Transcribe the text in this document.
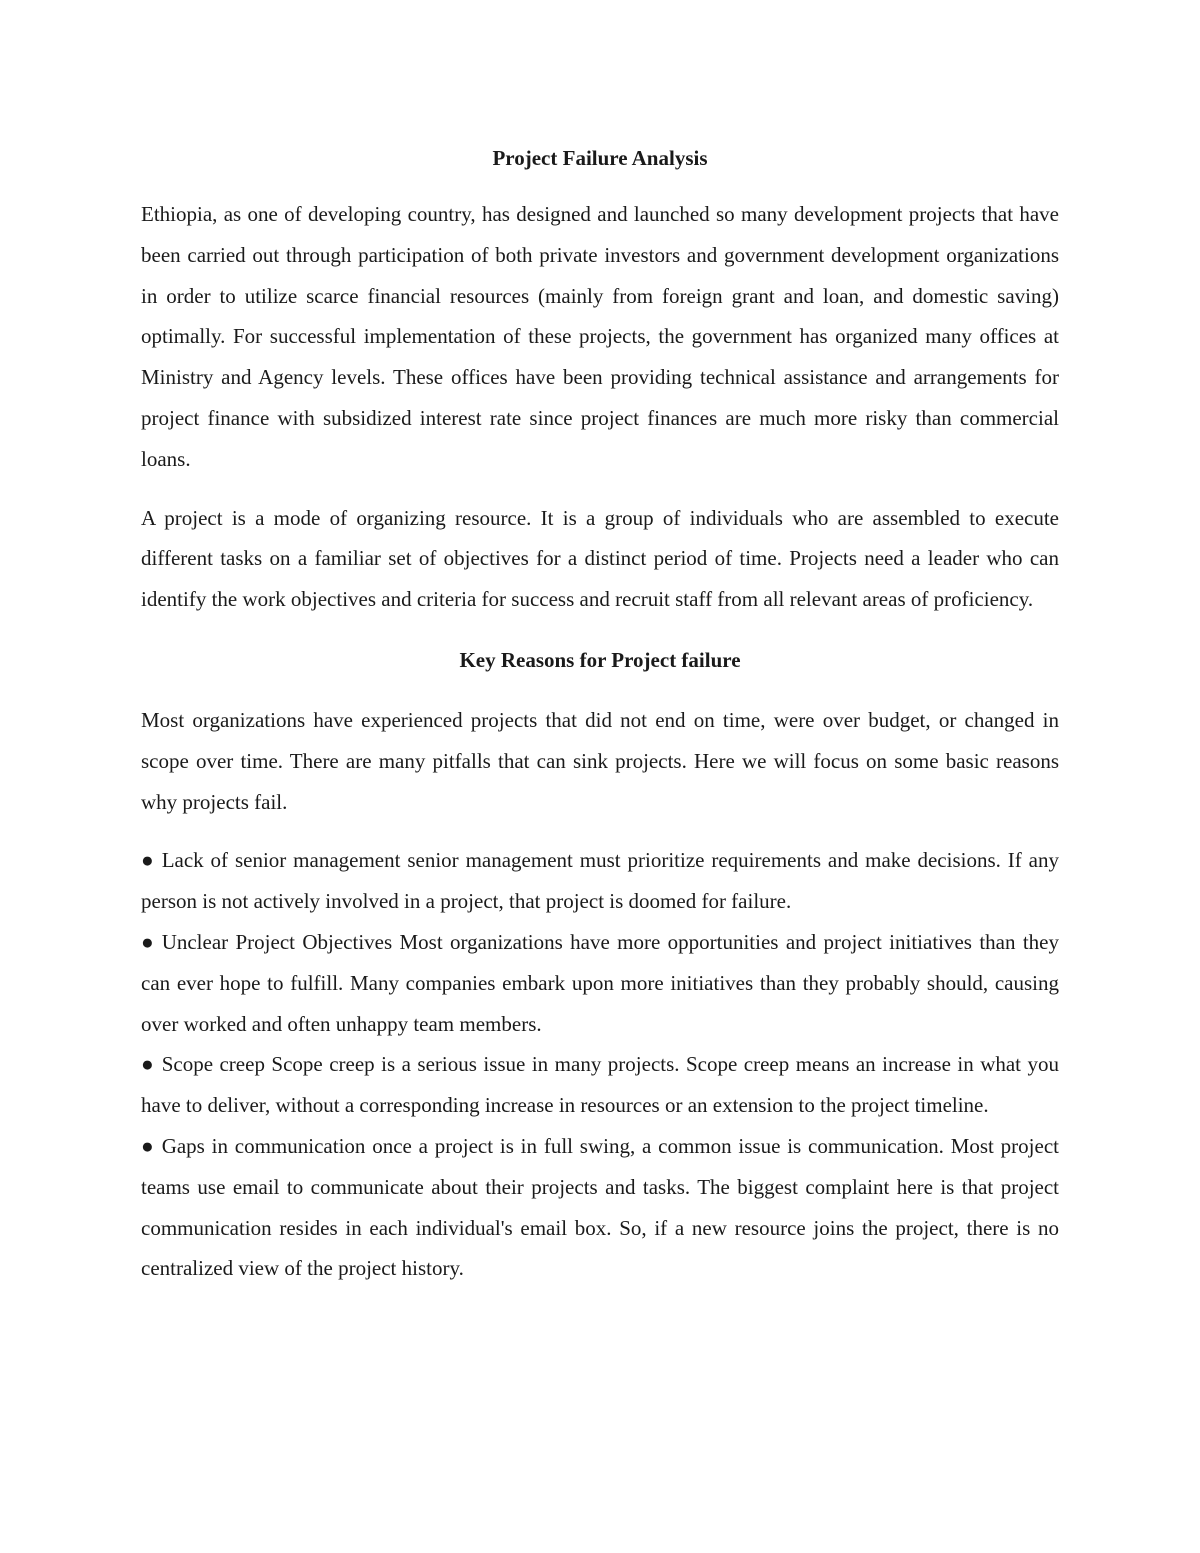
Project Failure Analysis

Ethiopia, as one of developing country, has designed and launched so many development projects that have been carried out through participation of both private investors and government development organizations in order to utilize scarce financial resources (mainly from foreign grant and loan, and domestic saving) optimally. For successful implementation of these projects, the government has organized many offices at Ministry and Agency levels. These offices have been providing technical assistance and arrangements for project finance with subsidized interest rate since project finances are much more risky than commercial loans.

A project is a mode of organizing resource. It is a group of individuals who are assembled to execute different tasks on a familiar set of objectives for a distinct period of time. Projects need a leader who can identify the work objectives and criteria for success and recruit staff from all relevant areas of proficiency.

Key Reasons for Project failure

Most organizations have experienced projects that did not end on time, were over budget, or changed in scope over time. There are many pitfalls that can sink projects. Here we will focus on some basic reasons why projects fail.

● Lack of senior management senior management must prioritize requirements and make decisions. If any person is not actively involved in a project, that project is doomed for failure.

● Unclear Project Objectives Most organizations have more opportunities and project initiatives than they can ever hope to fulfill. Many companies embark upon more initiatives than they probably should, causing over worked and often unhappy team members.

● Scope creep Scope creep is a serious issue in many projects. Scope creep means an increase in what you have to deliver, without a corresponding increase in resources or an extension to the project timeline.

● Gaps in communication once a project is in full swing, a common issue is communication. Most project teams use email to communicate about their projects and tasks. The biggest complaint here is that project communication resides in each individual's email box. So, if a new resource joins the project, there is no centralized view of the project history.
